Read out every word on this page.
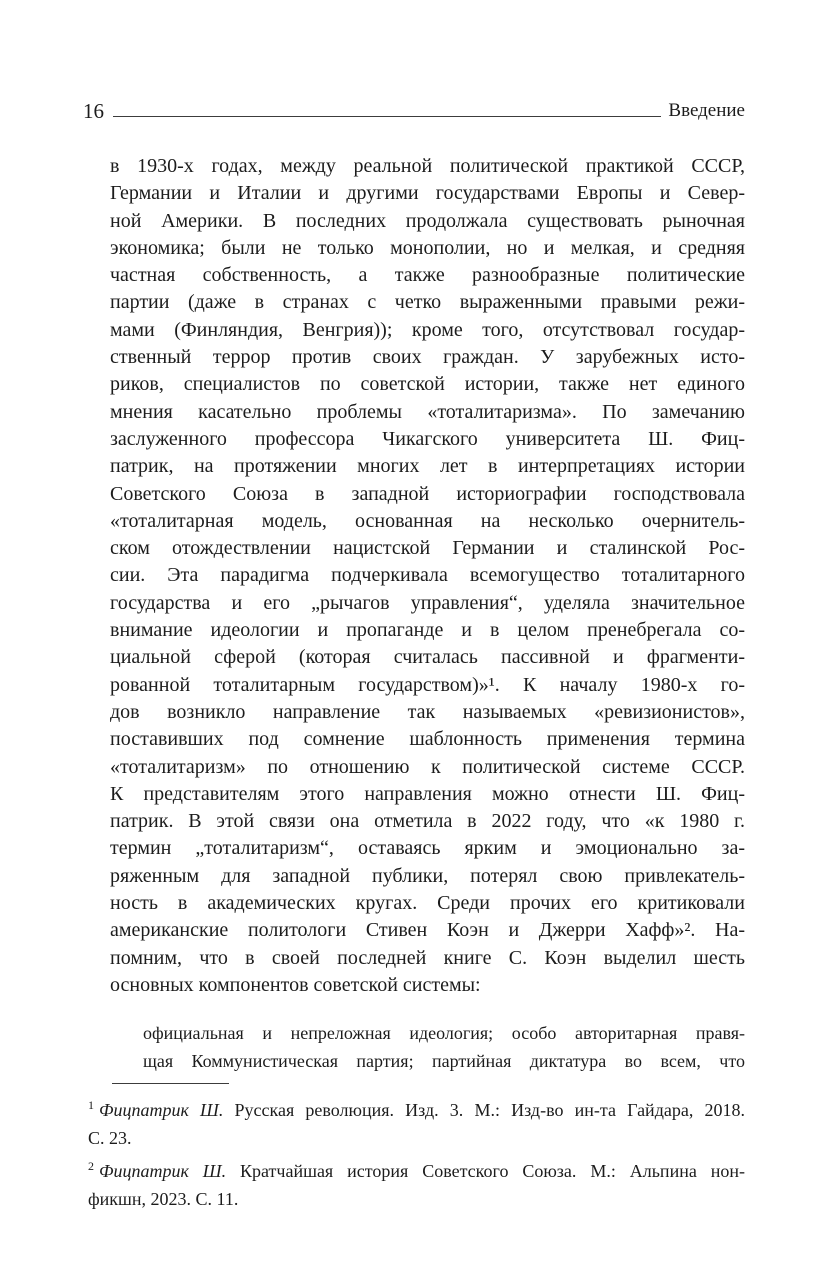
16	Введение
в 1930-х годах, между реальной политической практикой СССР,
Германии и Италии и другими государствами Европы и Север-
ной Америки. В последних продолжала существовать рыночная
экономика; были не только монополии, но и мелкая, и средняя
частная собственность, а также разнообразные политические
партии (даже в странах с четко выраженными правыми режи-
мами (Финляндия, Венгрия)); кроме того, отсутствовал государ-
ственный террор против своих граждан. У зарубежных исто-
риков, специалистов по советской истории, также нет единого
мнения касательно проблемы «тоталитаризма». По замечанию
заслуженного профессора Чикагского университета Ш. Фиц-
патрик, на протяжении многих лет в интерпретациях истории
Советского Союза в западной историографии господствовала
«тоталитарная модель, основанная на несколько очернитель-
ском отождествлении нацистской Германии и сталинской Рос-
сии. Эта парадигма подчеркивала всемогущество тоталитарного
государства и его „рычагов управления“, уделяла значительное
внимание идеологии и пропаганде и в целом пренебрегала со-
циальной сферой (которая считалась пассивной и фрагменти-
рованной тоталитарным государством)»¹. К началу 1980-х го-
дов возникло направление так называемых «ревизионистов»,
поставивших под сомнение шаблонность применения термина
«тоталитаризм» по отношению к политической системе СССР.
К представителям этого направления можно отнести Ш. Фиц-
патрик. В этой связи она отметила в 2022 году, что «к 1980 г.
термин „тоталитаризм“, оставаясь ярким и эмоционально за-
ряженным для западной публики, потерял свою привлекатель-
ность в академических кругах. Среди прочих его критиковали
американские политологи Стивен Коэн и Джерри Хафф»². На-
помним, что в своей последней книге С. Коэн выделил шесть
основных компонентов советской системы:
официальная и непреложная идеология; особо авторитарная правя-
щая Коммунистическая партия; партийная диктатура во всем, что
$^1$ Фицпатрик Ш. Русская революция. Изд. 3. М.: Изд-во ин-та Гайдара, 2018.
С. 23.
$^2$ Фицпатрик Ш. Кратчайшая история Советского Союза. М.: Альпина нон-
фикшн, 2023. С. 11.
